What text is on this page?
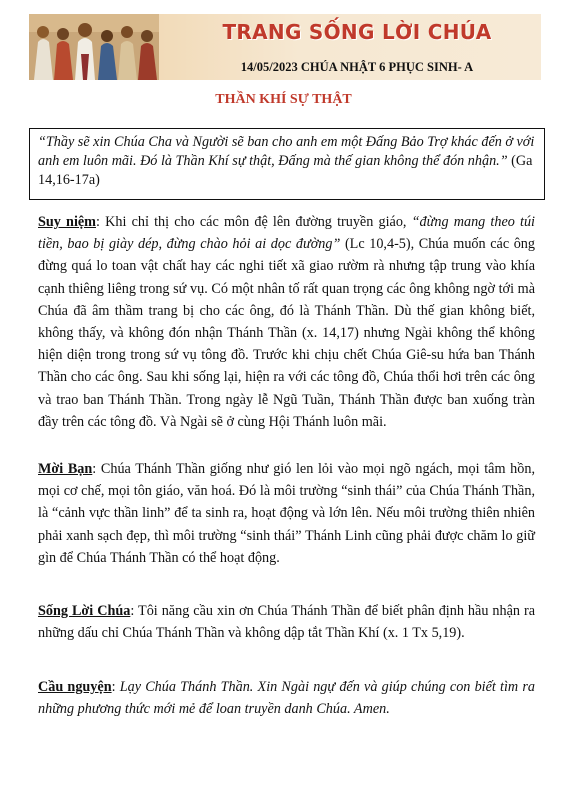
TRANG SỐNG LỜI CHÚA
14/05/2023 CHÚA NHẬT 6 PHỤC SINH- A
THẦN KHÍ SỰ THẬT
“Thầy sẽ xin Chúa Cha và Người sẽ ban cho anh em một Đấng Bảo Trợ khác đến ở với anh em luôn mãi. Đó là Thần Khí sự thật, Đấng mà thế gian không thể đón nhận.” (Ga 14,16-17a)
Suy niệm: Khi chỉ thị cho các môn đệ lên đường truyền giáo, “đừng mang theo túi tiền, bao bị giày dép, đừng chào hỏi ai dọc đường” (Lc 10,4-5), Chúa muốn các ông đừng quá lo toan vật chất hay các nghi tiết xã giao rườm rà nhưng tập trung vào khía cạnh thiêng liêng trong sứ vụ. Có một nhân tố rất quan trọng các ông không ngờ tới mà Chúa đã âm thầm trang bị cho các ông, đó là Thánh Thần. Dù thế gian không biết, không thấy, và không đón nhận Thánh Thần (x. 14,17) nhưng Ngài không thể không hiện diện trong trong sứ vụ tông đồ. Trước khi chịu chết Chúa Giê-su hứa ban Thánh Thần cho các ông. Sau khi sống lại, hiện ra với các tông đồ, Chúa thổi hơi trên các ông và trao ban Thánh Thần. Trong ngày lễ Ngũ Tuần, Thánh Thần được ban xuống tràn đầy trên các tông đồ. Và Ngài sẽ ở cùng Hội Thánh luôn mãi.
Mời Bạn: Chúa Thánh Thần giống như gió len lỏi vào mọi ngõ ngách, mọi tâm hồn, mọi cơ chế, mọi tôn giáo, văn hoá. Đó là môi trường “sinh thái” của Chúa Thánh Thần, là “cảnh vực thần linh” để ta sinh ra, hoạt động và lớn lên. Nếu môi trường thiên nhiên phải xanh sạch đẹp, thì môi trường “sinh thái” Thánh Linh cũng phải được chăm lo giữ gìn để Chúa Thánh Thần có thể hoạt động.
Sống Lời Chúa: Tôi năng cầu xin ơn Chúa Thánh Thần để biết phân định hầu nhận ra những dấu chỉ Chúa Thánh Thần và không dập tắt Thần Khí (x. 1 Tx 5,19).
Cầu nguyện: Lạy Chúa Thánh Thần. Xin Ngài ngự đến và giúp chúng con biết tìm ra những phương thức mới mẻ để loan truyền danh Chúa. Amen.
